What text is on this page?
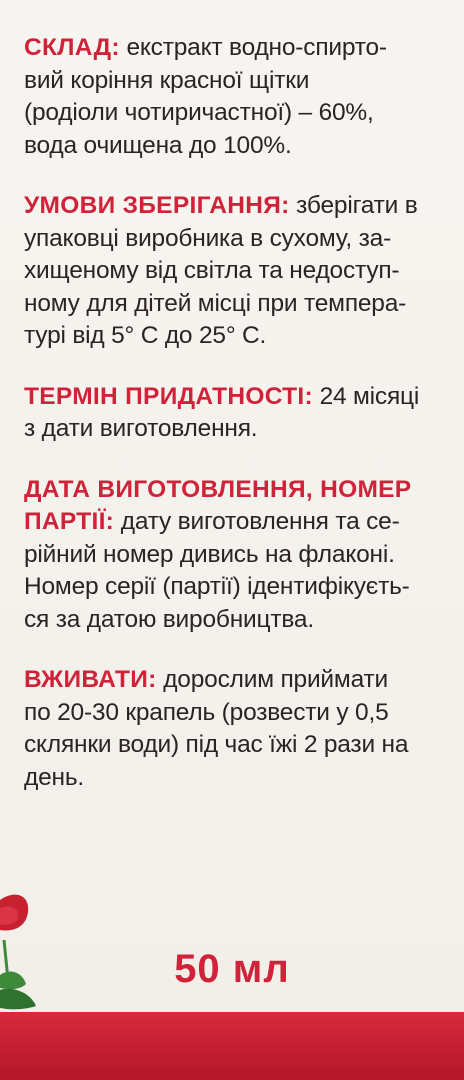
СКЛАД: екстракт водно-спирто-
вий коріння красної щітки
(родіоли чотиричастної) – 60%,
вода очищена до 100%.
УМОВИ ЗБЕРІГАННЯ: зберігати в
упаковці виробника в сухому, за-
хищеному від світла та недоступ-
ному для дітей місці при темпера-
турі від 5° С до 25° С.
ТЕРМІН ПРИДАТНОСТІ: 24 місяці
з дати виготовлення.
ДАТА ВИГОТОВЛЕННЯ, НОМЕР
ПАРТІЇ: дату виготовлення та се-
рійний номер дивись на флаконі.
Номер серії (партії) ідентифікуєть-
ся за датою виробництва.
ВЖИВАТИ: дорослим приймати
по 20-30 крапель (розвести у 0,5
склянки води) під час їжі 2 рази на
день.
50 мл
